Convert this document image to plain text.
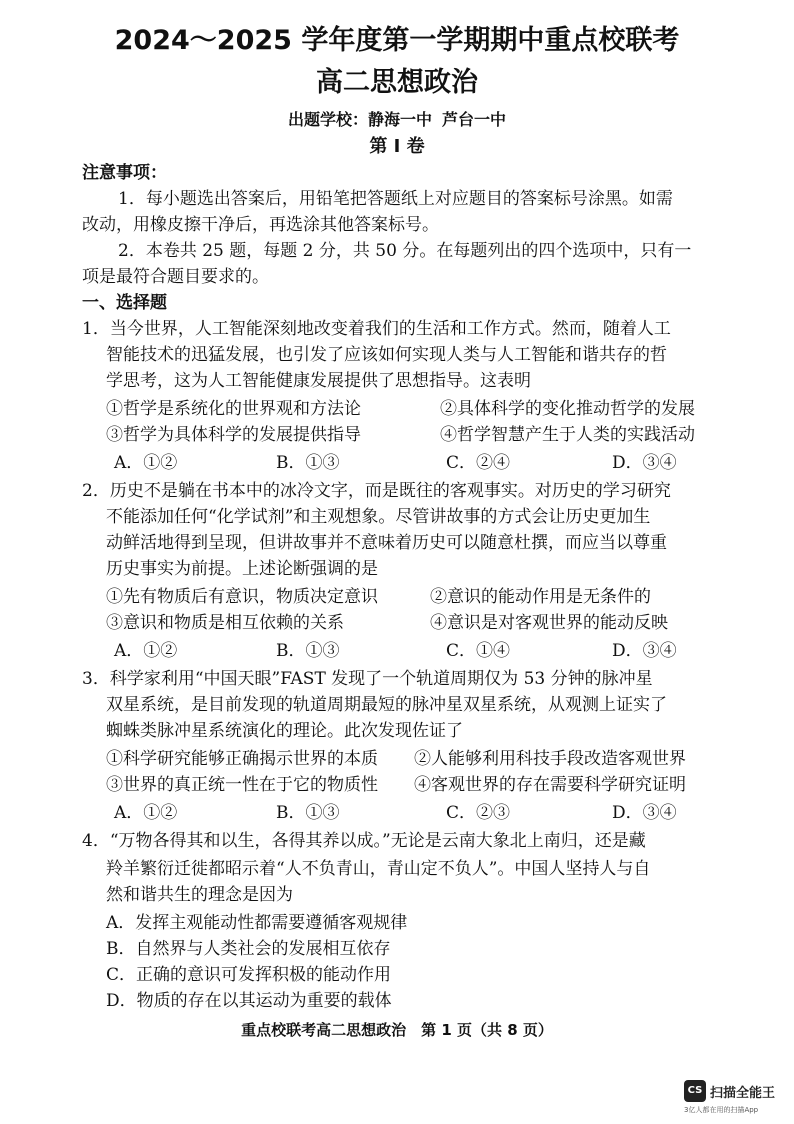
2024～2025 学年度第一学期期中重点校联考
高二思想政治
出题学校：静海一中 芦台一中
第 Ⅰ 卷
注意事项：
1．每小题选出答案后，用铅笔把答题纸上对应题目的答案标号涂黑。如需
改动，用橡皮擦干净后，再选涂其他答案标号。
2．本卷共 25 题，每题 2 分，共 50 分。在每题列出的四个选项中，只有一
项是最符合题目要求的。
一、选择题
1．当今世界，人工智能深刻地改变着我们的生活和工作方式。然而，随着人工
智能技术的迅猛发展，也引发了应该如何实现人类与人工智能和谐共存的哲
学思考，这为人工智能健康发展提供了思想指导。这表明
①哲学是系统化的世界观和方法论	②具体科学的变化推动哲学的发展
③哲学为具体科学的发展提供指导	④哲学智慧产生于人类的实践活动
A．①②	B．①③	C．②④	D．③④
2．历史不是躺在书本中的冰冷文字，而是既往的客观事实。对历史的学习研究
不能添加任何“化学试剂”和主观想象。尽管讲故事的方式会让历史更加生
动鲜活地得到呈现，但讲故事并不意味着历史可以随意杜撰，而应当以尊重
历史事实为前提。上述论断强调的是
①先有物质后有意识，物质决定意识	②意识的能动作用是无条件的
③意识和物质是相互依赖的关系	④意识是对客观世界的能动反映
A．①②	B．①③	C．①④	D．③④
3．科学家利用“中国天眼”FAST 发现了一个轨道周期仅为 53 分钟的脉冲星
双星系统，是目前发现的轨道周期最短的脉冲星双星系统，从观测上证实了
蜘蛛类脉冲星系统演化的理论。此次发现佐证了
①科学研究能够正确揭示世界的本质 ②人能够利用科技手段改造客观世界
③世界的真正统一性在于它的物质性 ④客观世界的存在需要科学研究证明
A．①②	B．①③	C．②③	D．③④
4．“万物各得其和以生，各得其养以成。”无论是云南大象北上南归，还是藏
羚羊繁衍迁徙都昭示着“人不负青山，青山定不负人”。中国人坚持人与自
然和谐共生的理念是因为
A．发挥主观能动性都需要遵循客观规律
B．自然界与人类社会的发展相互依存
C．正确的意识可发挥积极的能动作用
D．物质的存在以其运动为重要的载体
重点校联考高二思想政治　第 1 页（共 8 页）
CS 扫描全能王
3亿人都在用的扫描App
